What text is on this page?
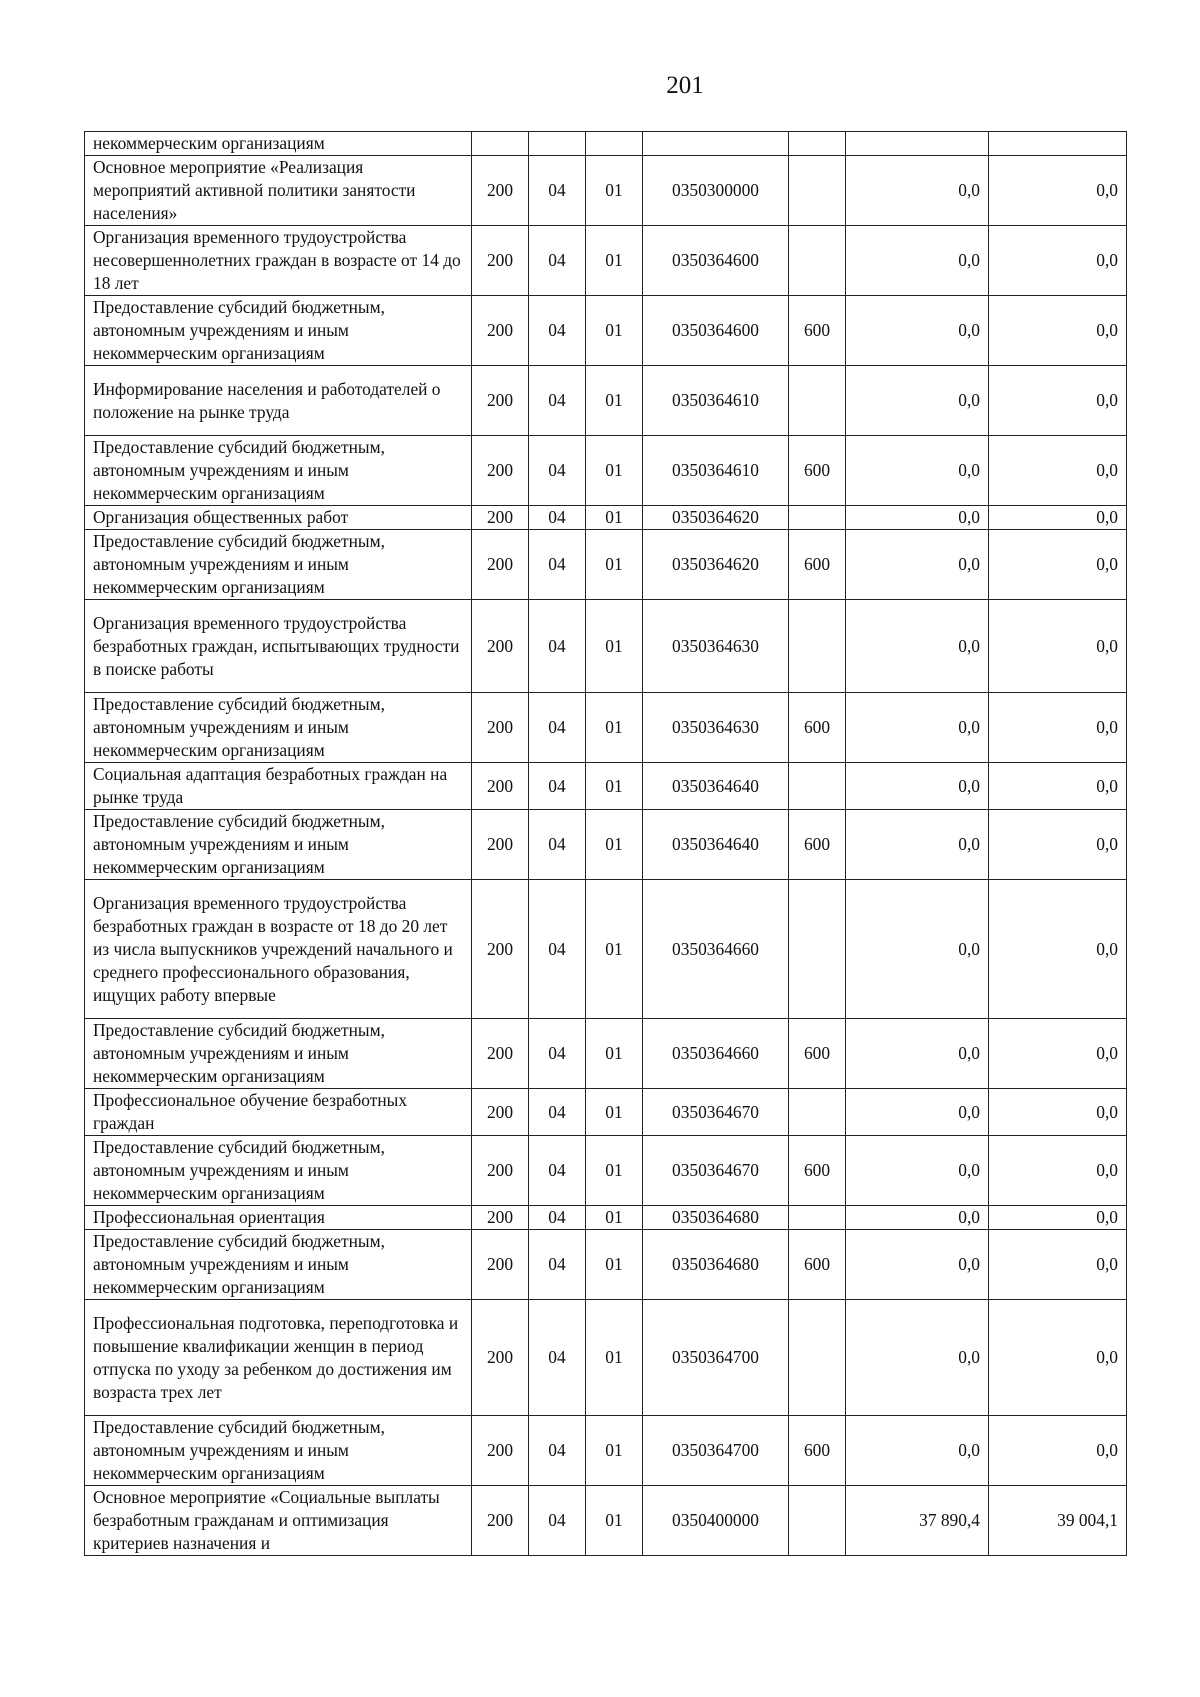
201
некоммерческим организациям							
Основное мероприятие «Реализация мероприятий активной политики занятости населения»	200	04	01	0350300000		0,0	0,0
Организация временного трудоустройства несовершеннолетних граждан в возрасте от 14 до 18 лет	200	04	01	0350364600		0,0	0,0
Предоставление субсидий бюджетным, автономным учреждениям и иным некоммерческим организациям	200	04	01	0350364600	600	0,0	0,0
Информирование населения и работодателей о положение на рынке труда	200	04	01	0350364610		0,0	0,0
Предоставление субсидий бюджетным, автономным учреждениям и иным некоммерческим организациям	200	04	01	0350364610	600	0,0	0,0
Организация общественных работ	200	04	01	0350364620		0,0	0,0
Предоставление субсидий бюджетным, автономным учреждениям и иным некоммерческим организациям	200	04	01	0350364620	600	0,0	0,0
Организация временного трудоустройства безработных граждан, испытывающих трудности в поиске работы	200	04	01	0350364630		0,0	0,0
Предоставление субсидий бюджетным, автономным учреждениям и иным некоммерческим организациям	200	04	01	0350364630	600	0,0	0,0
Социальная адаптация безработных граждан на рынке труда	200	04	01	0350364640		0,0	0,0
Предоставление субсидий бюджетным, автономным учреждениям и иным некоммерческим организациям	200	04	01	0350364640	600	0,0	0,0
Организация временного трудоустройства безработных граждан в возрасте от 18 до 20 лет из числа выпускников учреждений начального и среднего профессионального образования, ищущих работу впервые	200	04	01	0350364660		0,0	0,0
Предоставление субсидий бюджетным, автономным учреждениям и иным некоммерческим организациям	200	04	01	0350364660	600	0,0	0,0
Профессиональное обучение безработных граждан	200	04	01	0350364670		0,0	0,0
Предоставление субсидий бюджетным, автономным учреждениям и иным некоммерческим организациям	200	04	01	0350364670	600	0,0	0,0
Профессиональная ориентация	200	04	01	0350364680		0,0	0,0
Предоставление субсидий бюджетным, автономным учреждениям и иным некоммерческим организациям	200	04	01	0350364680	600	0,0	0,0
Профессиональная подготовка, переподготовка и повышение квалификации женщин в период отпуска по уходу за ребенком до достижения им возраста трех лет	200	04	01	0350364700		0,0	0,0
Предоставление субсидий бюджетным, автономным учреждениям и иным некоммерческим организациям	200	04	01	0350364700	600	0,0	0,0
Основное мероприятие «Социальные выплаты безработным гражданам и оптимизация критериев назначения и	200	04	01	0350400000		37 890,4	39 004,1
